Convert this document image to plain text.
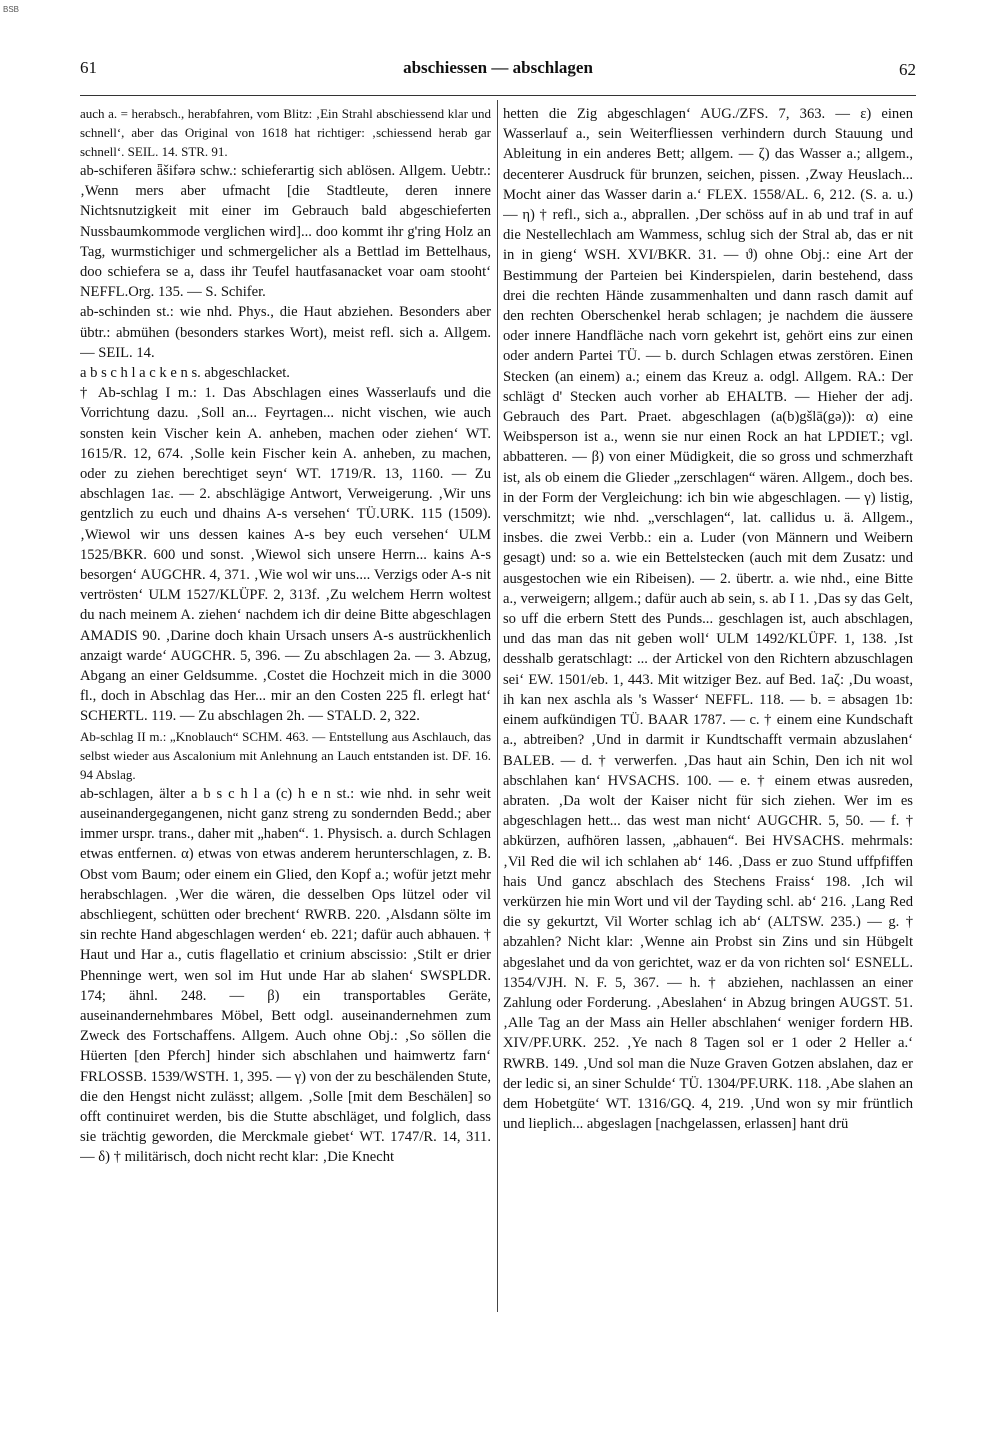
BSB
61	abschiessen — abschlagen	62

auch a. = herabsch., herabfahren, vom Blitz: ‚Ein Strahl abschiessend klar und schnell‘, aber das Original von 1618 hat richtiger: ‚schiessend herab gar schnell‘. SEIL. 14. STR. 91.

ab-schiferen ǟšifərə schw.: schieferartig sich ablösen. Allgem. Uebtr.: ‚Wenn mers aber ufmacht [die Stadtleute, deren innere Nichtsnutzigkeit mit einer im Gebrauch bald abgeschieferten Nussbaumkommode verglichen wird]... doo kommt ihr g'ring Holz an Tag, wurmstichiger und schmergelicher als a Bettlad im Bettelhaus, doo schiefera se a, dass ihr Teufel hautfasanacket voar oam stooht‘ NEFFL.Org. 135. — S. Schifer.

ab-schinden st.: wie nhd. Phys., die Haut abziehen. Besonders aber übtr.: abmühen (besonders starkes Wort), meist refl. sich a. Allgem. — SEIL. 14.

a b s c h l a c k e n s. abgeschlacket.

† Ab-schlag I m.: 1. Das Abschlagen eines Wasserlaufs und die Vorrichtung dazu. ‚Soll an... Feyrtagen... nicht vischen, wie auch sonsten kein Vischer kein A. anheben, machen oder ziehen‘ WT. 1615/R. 12, 674. ‚Solle kein Fischer kein A. anheben, zu machen, oder zu ziehen berechtiget seyn‘ WT. 1719/R. 13, 1160. — Zu abschlagen 1aε. — 2. abschlägige Antwort, Verweigerung. ‚Wir uns gentzlich zu euch und dhains A-s versehen‘ TÜ.URK. 115 (1509). ‚Wiewol wir uns dessen kaines A-s bey euch versehen‘ ULM 1525/BKR. 600 und sonst. ‚Wiewol sich unsere Herrn... kains A-s besorgen‘ AUGCHR. 4, 371. ‚Wie wol wir uns.... Verzigs oder A-s nit vertrösten‘ ULM 1527/KLÜPF. 2, 313f. ‚Zu welchem Herrn woltest du nach meinem A. ziehen‘ nachdem ich dir deine Bitte abgeschlagen AMADIS 90. ‚Darine doch khain Ursach unsers A-s austrückhenlich anzaigt warde‘ AUGCHR. 5, 396. — Zu abschlagen 2a. — 3. Abzug, Abgang an einer Geldsumme. ‚Costet die Hochzeit mich in die 3000 fl., doch in Abschlag das Her... mir an den Costen 225 fl. erlegt hat‘ SCHERTL. 119. — Zu abschlagen 2h. — STALD. 2, 322.

Ab-schlag II m.: „Knoblauch“ SCHM. 463. — Entstellung aus Aschlauch, das selbst wieder aus Ascalonium mit Anlehnung an Lauch entstanden ist. DF. 16. 94 Abslag.

ab-schlagen, älter a b s c h l a (c) h e n st.: wie nhd. in sehr weit auseinandergegangenen, nicht ganz streng zu sondernden Bedd.; aber immer urspr. trans., daher mit „haben“. 1. Physisch. a. durch Schlagen etwas entfernen. α) etwas von etwas anderem herunterschlagen, z. B. Obst vom Baum; oder einem ein Glied, den Kopf a.; wofür jetzt mehr herabschlagen. ‚Wer die wären, die desselben Ops lützel oder vil abschliegent, schütten oder brechent‘ RWRB. 220. ‚Alsdann sölte im sin rechte Hand abgeschlagen werden‘ eb. 221; dafür auch abhauen. † Haut und Har a., cutis flagellatio et crinium abscissio: ‚Stilt er drier Phenninge wert, wen sol im Hut unde Har ab slahen‘ SWSPLDR. 174; ähnl. 248. — β) ein transportables Geräte, auseinandernehmbares Möbel, Bett odgl. auseinandernehmen zum Zweck des Fortschaffens. Allgem. Auch ohne Obj.: ‚So söllen die Hüerten [den Pferch] hinder sich abschlahen und haimwertz farn‘ FRLOSSB. 1539/WSTH. 1, 395. — γ) von der zu beschälenden Stute, die den Hengst nicht zulässt; allgem. ‚Solle [mit dem Beschälen] so offt continuiret werden, bis die Stutte abschläget, und folglich, dass sie trächtig geworden, die Merckmale giebet‘ WT. 1747/R. 14, 311. — δ) † militärisch, doch nicht recht klar: ‚Die Knecht

hetten die Zig abgeschlagen‘ AUG./ZFS. 7, 363. — ε) einen Wasserlauf a., sein Weiterfliessen verhindern durch Stauung und Ableitung in ein anderes Bett; allgem. — ζ) das Wasser a.; allgem., decenterer Ausdruck für brunzen, seichen, pissen. ‚Zway Heuslach... Mocht ainer das Wasser darin a.‘ FLEX. 1558/AL. 6, 212. (S. a. u.) — η) † refl., sich a., abprallen. ‚Der schöss auf in ab und traf in auf die Nestellechlach am Wammess, schlug sich der Stral ab, das er nit in in gieng‘ WSH. XVI/BKR. 31. — ϑ) ohne Obj.: eine Art der Bestimmung der Parteien bei Kinderspielen, darin bestehend, dass drei die rechten Hände zusammenhalten und dann rasch damit auf den rechten Oberschenkel herab schlagen; je nachdem die äussere oder innere Handfläche nach vorn gekehrt ist, gehört eins zur einen oder andern Partei TÜ. — b. durch Schlagen etwas zerstören. Einen Stecken (an einem) a.; einem das Kreuz a. odgl. Allgem. RA.: Der schlägt d' Stecken auch vorher ab EHALTB. — Hieher der adj. Gebrauch des Part. Praet. abgeschlagen (a(b)gšlā(gə)): α) eine Weibsperson ist a., wenn sie nur einen Rock an hat LPDIET.; vgl. abbatteren. — β) von einer Müdigkeit, die so gross und schmerzhaft ist, als ob einem die Glieder „zerschlagen“ wären. Allgem., doch bes. in der Form der Vergleichung: ich bin wie abgeschlagen. — γ) listig, verschmitzt; wie nhd. „verschlagen“, lat. callidus u. ä. Allgem., insbes. die zwei Verbb.: ein a. Luder (von Männern und Weibern gesagt) und: so a. wie ein Bettelstecken (auch mit dem Zusatz: und ausgestochen wie ein Ribeisen). — 2. übertr. a. wie nhd., eine Bitte a., verweigern; allgem.; dafür auch ab sein, s. ab I 1. ‚Das sy das Gelt, so uff die erbern Stett des Punds... geschlagen ist, auch abschlagen, und das man das nit geben woll‘ ULM 1492/KLÜPF. 1, 138. ‚Ist desshalb geratschlagt: ... der Artickel von den Richtern abzuschlagen sei‘ EW. 1501/eb. 1, 443. Mit witziger Bez. auf Bed. 1aζ: ‚Du woast, ih kan nex aschla als 's Wasser‘ NEFFL. 118. — b. = absagen 1b: einem aufkündigen TÜ. BAAR 1787. — c. † einem eine Kundschaft a., abtreiben? ‚Und in darmit ir Kundtschafft vermain abzuslahen‘ BALEB. — d. † verwerfen. ‚Das haut ain Schin, Den ich nit wol abschlahen kan‘ HVSACHS. 100. — e. † einem etwas ausreden, abraten. ‚Da wolt der Kaiser nicht für sich ziehen. Wer im es abgeschlagen hett... das west man nicht‘ AUGCHR. 5, 50. — f. † abkürzen, aufhören lassen, „abhauen“. Bei HVSACHS. mehrmals: ‚Vil Red die wil ich schlahen ab‘ 146. ‚Dass er zuo Stund uffpfiffen hais Und gancz abschlach des Stechens Fraiss‘ 198. ‚Ich wil verkürzen hie min Wort und vil der Tayding schl. ab‘ 216. ‚Lang Red die sy gekurtzt, Vil Worter schlag ich ab‘ (ALTSW. 235.) — g. † abzahlen? Nicht klar: ‚Wenne ain Probst sin Zins und sin Hübgelt abgeslahet und da von gerichtet, waz er da von richten sol‘ ESNELL. 1354/VJH. N. F. 5, 367. — h. † abziehen, nachlassen an einer Zahlung oder Forderung. ‚Abeslahen‘ in Abzug bringen AUGST. 51. ‚Alle Tag an der Mass ain Heller abschlahen‘ weniger fordern HB. XIV/PF.URK. 252. ‚Ye nach 8 Tagen sol er 1 oder 2 Heller a.‘ RWRB. 149. ‚Und sol man die Nuze Graven Gotzen abslahen, daz er der ledic si, an siner Schulde‘ TÜ. 1304/PF.URK. 118. ‚Abe slahen an dem Hobetgüte‘ WT. 1316/GQ. 4, 219. ‚Und won sy mir früntlich und lieplich... abgeslagen [nachgelassen, erlassen] hant drü
